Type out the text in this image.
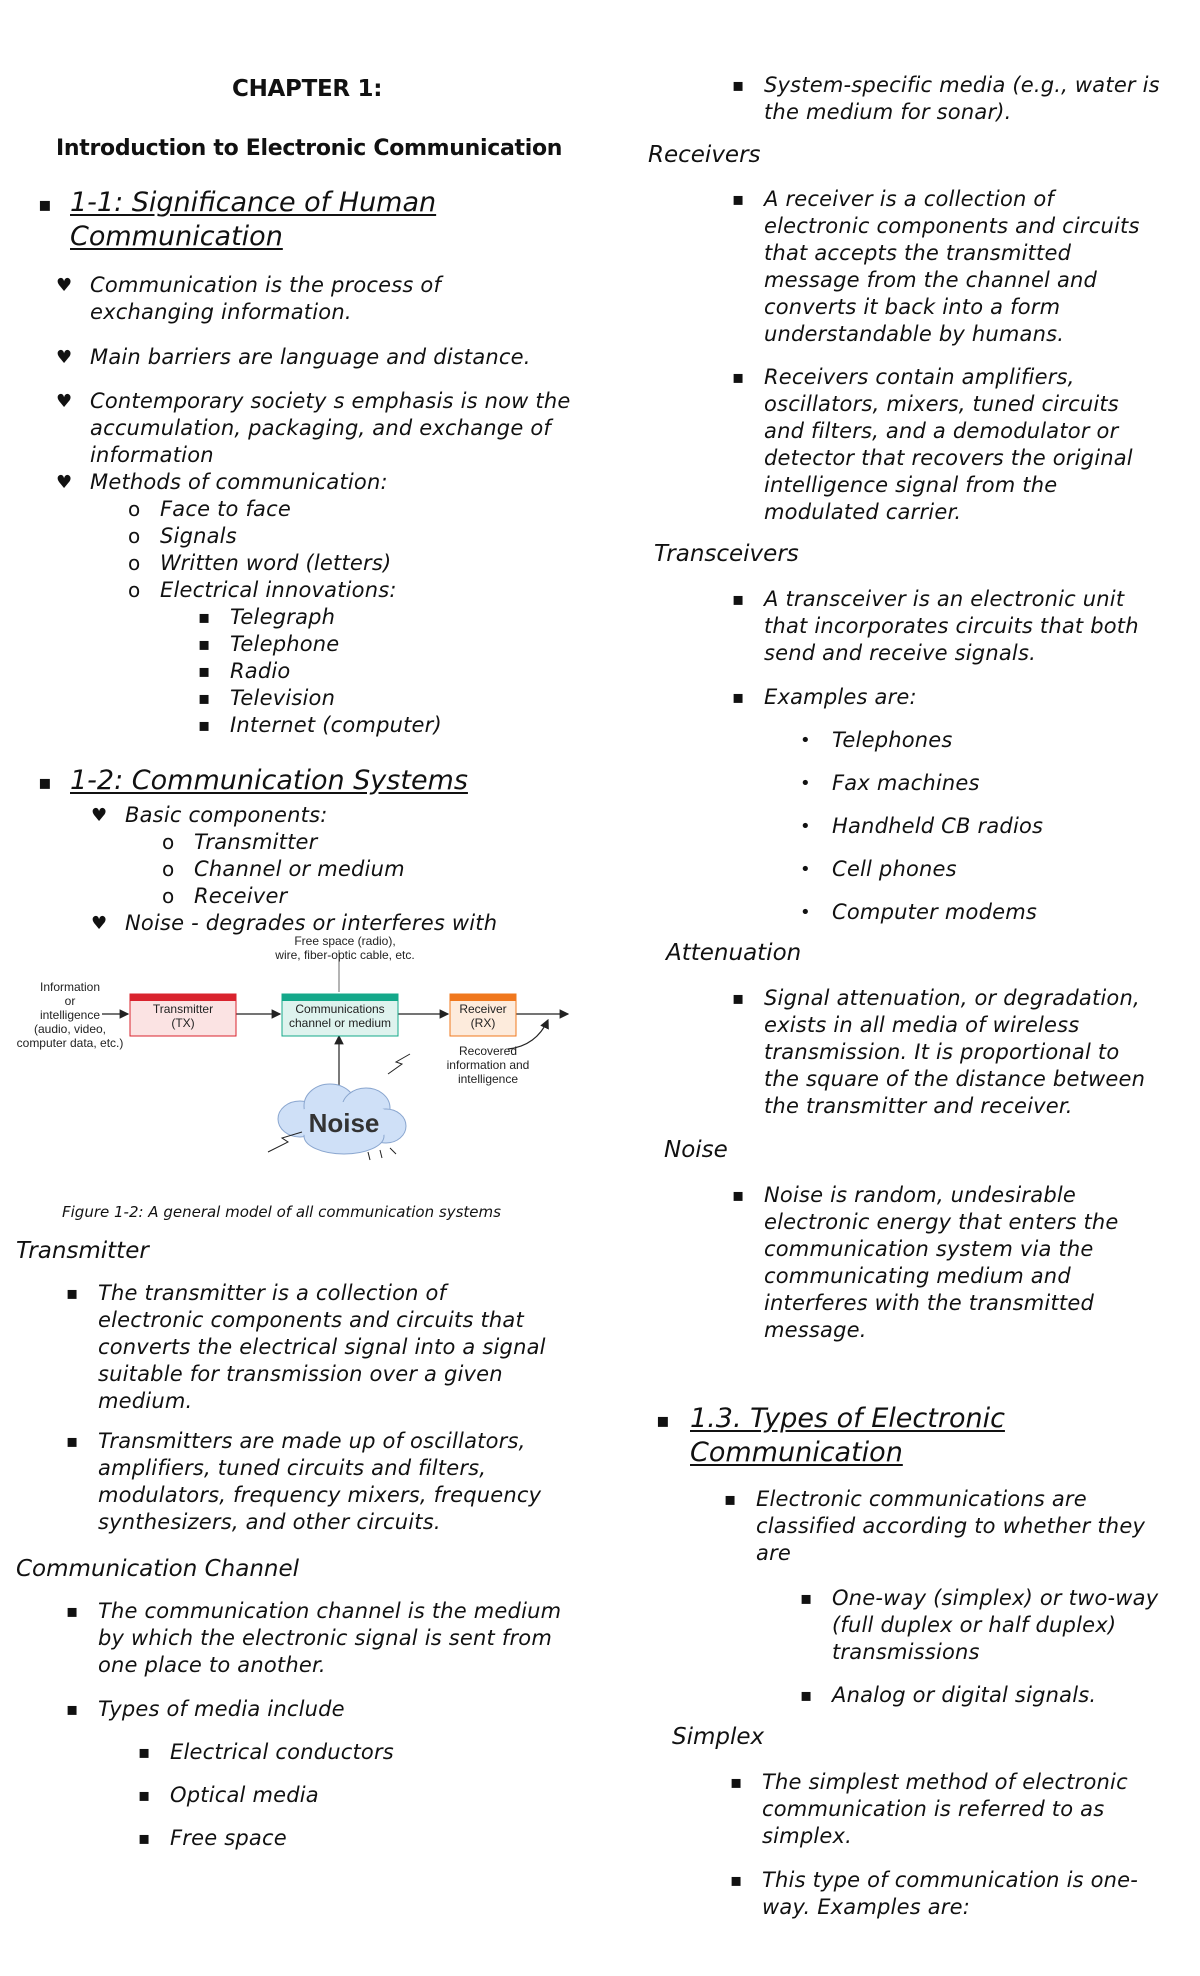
CHAPTER 1:
Introduction to Electronic Communication
▪ 1-1: Significance of Human
Communication
♥ Communication is the process of
exchanging information.
♥ Main barriers are language and distance.
♥ Contemporary society s emphasis is now the
accumulation, packaging, and exchange of
information
♥ Methods of communication:
o Face to face
o Signals
o Written word (letters)
o Electrical innovations:
▪ Telegraph
▪ Telephone
▪ Radio
▪ Television
▪ Internet (computer)
▪ 1-2: Communication Systems
♥ Basic components:
o Transmitter
o Channel or medium
o Receiver
♥ Noise - degrades or interferes with
Information
or
intelligence
(audio, video,
computer data, etc.)
Transmitter
(TX)
Communications
channel or medium
Receiver
(RX)
Free space (radio),
wire, fiber-optic cable, etc.
Recovered
information and
intelligence
Noise
Figure 1-2: A general model of all communication systems
Transmitter
▪ The transmitter is a collection of
electronic components and circuits that
converts the electrical signal into a signal
suitable for transmission over a given
medium.
▪ Transmitters are made up of oscillators,
amplifiers, tuned circuits and filters,
modulators, frequency mixers, frequency
synthesizers, and other circuits.
Communication Channel
▪ The communication channel is the medium
by which the electronic signal is sent from
one place to another.
▪ Types of media include
▪ Electrical conductors
▪ Optical media
▪ Free space
▪ System-specific media (e.g., water is
the medium for sonar).
Receivers
▪ A receiver is a collection of
electronic components and circuits
that accepts the transmitted
message from the channel and
converts it back into a form
understandable by humans.
▪ Receivers contain amplifiers,
oscillators, mixers, tuned circuits
and filters, and a demodulator or
detector that recovers the original
intelligence signal from the
modulated carrier.
Transceivers
▪ A transceiver is an electronic unit
that incorporates circuits that both
send and receive signals.
▪ Examples are:
• Telephones
• Fax machines
• Handheld CB radios
• Cell phones
• Computer modems
Attenuation
▪ Signal attenuation, or degradation,
exists in all media of wireless
transmission. It is proportional to
the square of the distance between
the transmitter and receiver.
Noise
▪ Noise is random, undesirable
electronic energy that enters the
communication system via the
communicating medium and
interferes with the transmitted
message.
▪ 1.3. Types of Electronic
Communication
▪ Electronic communications are
classified according to whether they
are
▪ One-way (simplex) or two-way
(full duplex or half duplex)
transmissions
▪ Analog or digital signals.
Simplex
▪ The simplest method of electronic
communication is referred to as
simplex.
▪ This type of communication is one-
way. Examples are:
